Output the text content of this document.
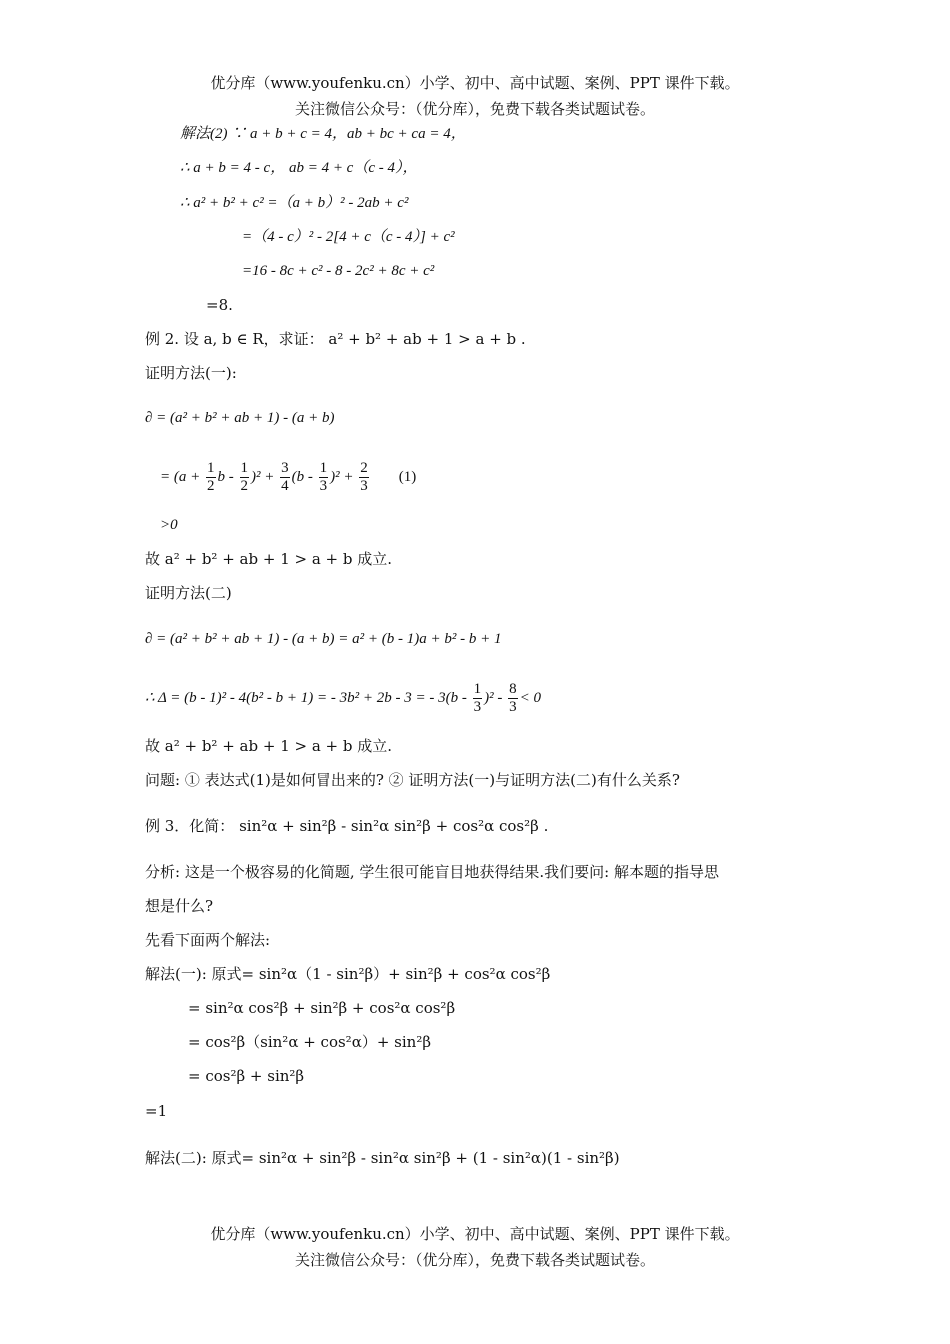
优分库（www.youfenku.cn）小学、初中、高中试题、案例、PPT 课件下载。
关注微信公众号：（优分库），免费下载各类试题试卷。
解法(2) ∵ a + b + c = 4，ab + bc + ca = 4，
∴ a + b = 4 - c， ab = 4 + c（c - 4），
∴ a² + b² + c² =（a + b）² - 2ab + c²
=（4 - c）² - 2[4 + c（c - 4）] + c²
=16 - 8c + c² - 8 - 2c² + 8c + c²
=8.
例 2. 设 a, b ∈ R，求证： a² + b² + ab + 1 > a + b .
证明方法(一):
∂ = (a² + b² + ab + 1) - (a + b)
= ($a + \frac{1}{2}$ $b - \frac{1}{2} )^2 + \frac{3}{4} (b - \frac{1}{3} )^2 + \frac{2}{3} (1)$
>0
故 a² + b² + ab + 1 > a + b 成立.
证明方法(二)
∂ = (a² + b² + ab + 1) - (a + b) = a² + (b - 1)a + b² - b + 1
∴ Δ = (b - 1)² - 4(b² - b + 1) = - 3b² + 2b - 3 = - $3(b - \frac{1}{3} )^2 - \frac{8}{3} < 0$
故 a² + b² + ab + 1 > a + b 成立.
问题: ① 表达式(1)是如何冒出来的? ② 证明方法(一)与证明方法(二)有什么关系?
例 3．化简： sin²α + sin²β - sin²α sin²β + cos²α cos²β .
分析: 这是一个极容易的化简题, 学生很可能盲目地获得结果.我们要问: 解本题的指导思
想是什么?
先看下面两个解法:
解法(一): 原式= sin²α（1 - sin²β）+ sin²β + cos²α cos²β
= sin²α cos²β + sin²β + cos²α cos²β
= cos²β（sin²α + cos²α）+ sin²β
= cos²β + sin²β
=1
解法(二): 原式= sin²α + sin²β - sin²α sin²β + (1 - sin²α)(1 - sin²β)
优分库（www.youfenku.cn）小学、初中、高中试题、案例、PPT 课件下载。
关注微信公众号：（优分库），免费下载各类试题试卷。
